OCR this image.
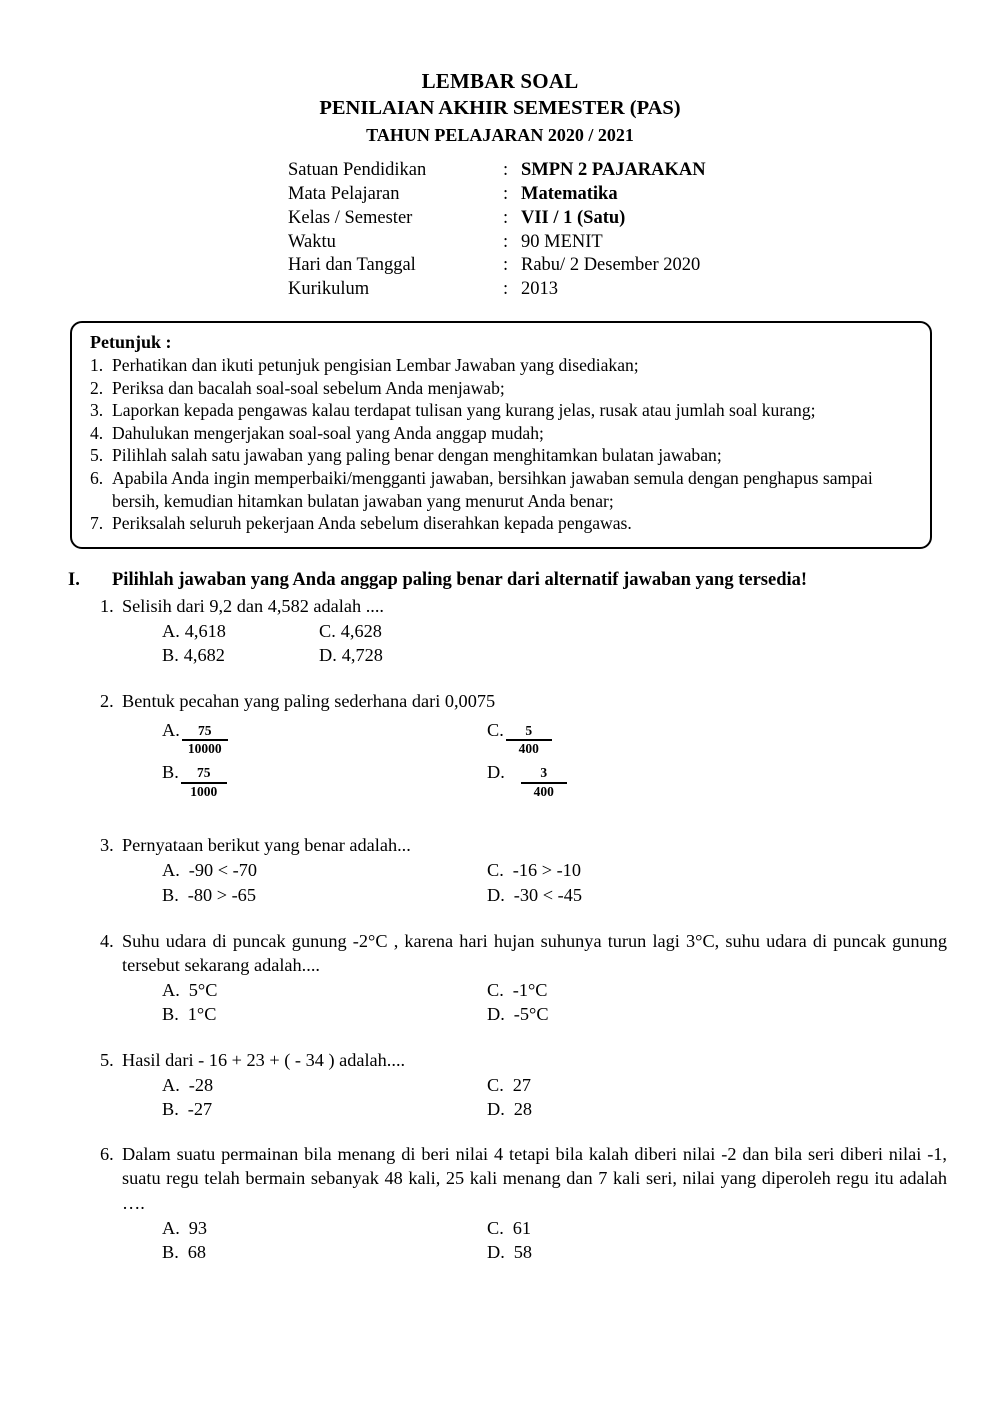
LEMBAR SOAL
PENILAIAN AKHIR SEMESTER (PAS)
TAHUN PELAJARAN 2020 / 2021
Satuan Pendidikan	: SMPN 2 PAJARAKAN
Mata Pelajaran	: Matematika
Kelas / Semester	: VII / 1 (Satu)
Waktu	: 90 MENIT
Hari dan Tanggal	: Rabu/ 2 Desember 2020
Kurikulum	: 2013
Petunjuk :
1. Perhatikan dan ikuti petunjuk pengisian Lembar Jawaban yang disediakan;
2. Periksa dan bacalah soal-soal sebelum Anda menjawab;
3. Laporkan kepada pengawas kalau terdapat tulisan yang kurang jelas, rusak atau jumlah soal kurang;
4. Dahulukan mengerjakan soal-soal yang Anda anggap mudah;
5. Pilihlah salah satu jawaban yang paling benar dengan menghitamkan bulatan jawaban;
6. Apabila Anda ingin memperbaiki/mengganti jawaban, bersihkan jawaban semula dengan penghapus sampai bersih, kemudian hitamkan bulatan jawaban yang menurut Anda benar;
7. Periksalah seluruh pekerjaan Anda sebelum diserahkan kepada pengawas.
I.	Pilihlah jawaban yang Anda anggap paling benar dari alternatif jawaban yang tersedia!
1. Selisih dari 9,2 dan 4,582 adalah ....
A. 4,618	C. 4,628
B. 4,682	D. 4,728
2. Bentuk pecahan yang paling sederhana dari 0,0075
A. $\frac{75}{10000}$	C. $\frac{5}{400}$
B. $\frac{75}{1000}$	D. $\frac{3}{400}$
3. Pernyataan berikut yang benar adalah...
A. -90 < -70	C. -16 > -10
B. -80 > -65	D. -30 < -45
4. Suhu udara di puncak gunung -2°C , karena hari hujan suhunya turun lagi 3°C, suhu udara di puncak gunung tersebut sekarang adalah....
A. 5°C	C. -1°C
B. 1°C	D. -5°C
5. Hasil dari - 16 + 23 + ( - 34 ) adalah....
A. -28	C. 27
B. -27	D. 28
6. Dalam suatu permainan bila menang di beri nilai 4 tetapi bila kalah diberi nilai -2 dan bila seri diberi nilai -1, suatu regu telah bermain sebanyak 48 kali, 25 kali menang dan 7 kali seri, nilai yang diperoleh regu itu adalah ….
A. 93	C. 61
B. 68	D. 58
